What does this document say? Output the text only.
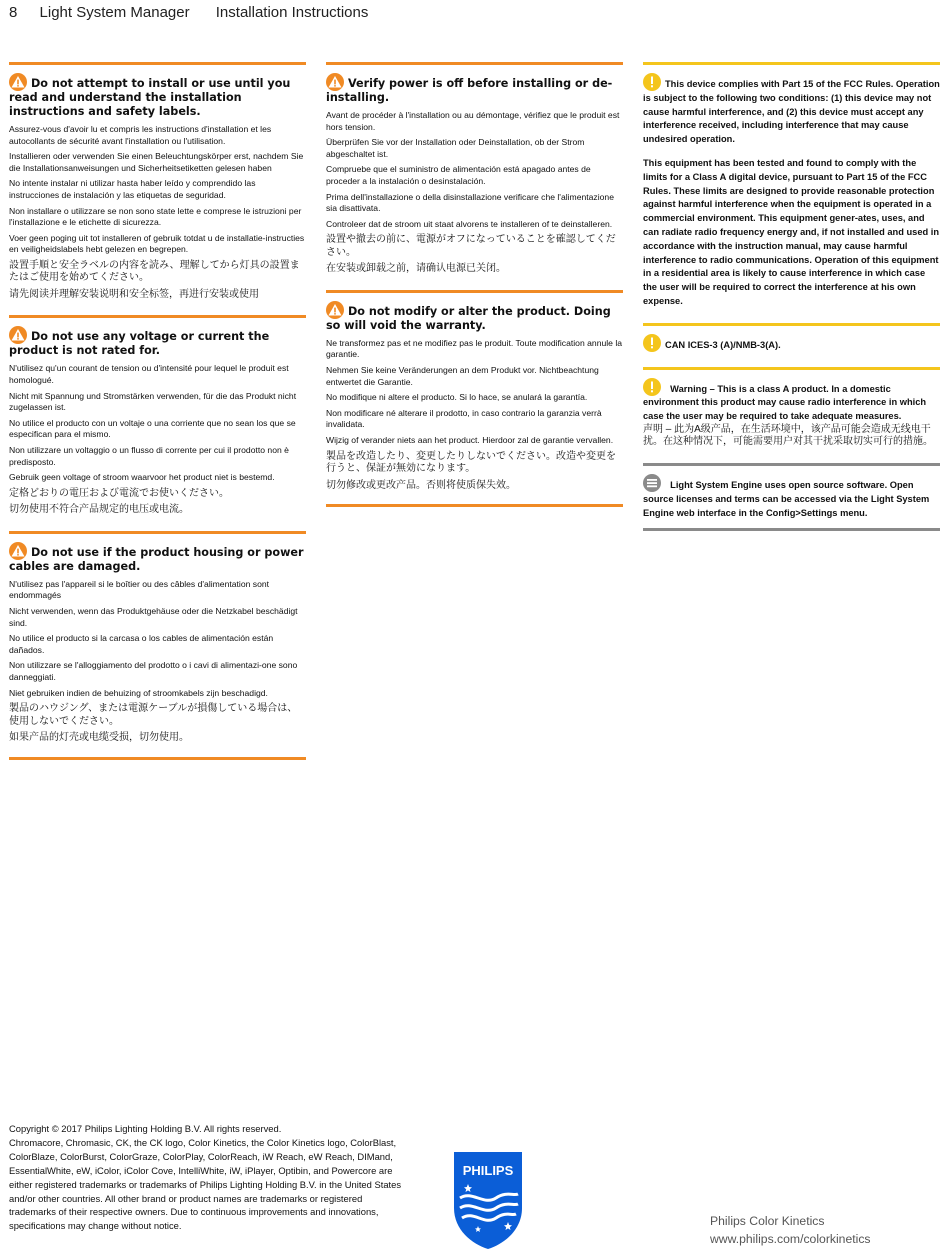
8 Light System Manager Installation Instructions
Do not attempt to install or use until you read and understand the installation instructions and safety labels.
Assurez-vous d'avoir lu et compris les instructions d'installation et les autocollants de sécurité avant l'installation ou l'utilisation.
Installieren oder verwenden Sie einen Beleuchtungskörper erst, nachdem Sie die Installationsanweisungen und Sicherheitsetiketten gelesen haben
No intente instalar ni utilizar hasta haber leído y comprendido las instrucciones de instalación y las etiquetas de seguridad.
Non installare o utilizzare se non sono state lette e comprese le istruzioni per l'installazione e le etichette di sicurezza.
Voer geen poging uit tot installeren of gebruik totdat u de installatie-instructies en veiligheidslabels hebt gelezen en begrepen.
設置手順と安全ラベルの内容を読み、理解してから灯具の設置またはご使用を始めてください。
请先阅读并理解安装说明和安全标签，再进行安装或使用
Do not use any voltage or current the product is not rated for.
N'utilisez qu'un courant de tension ou d'intensité pour lequel le produit est homologué.
Nicht mit Spannung und Stromstärken verwenden, für die das Produkt nicht zugelassen ist.
No utilice el producto con un voltaje o una corriente que no sean los que se especifican para el mismo.
Non utilizzare un voltaggio o un flusso di corrente per cui il prodotto non è predisposto.
Gebruik geen voltage of stroom waarvoor het product niet is bestemd.
定格どおりの電圧および電流でお使いください。
切勿使用不符合产品规定的电压或电流。
Do not use if the product housing or power cables are damaged.
N'utilisez pas l'appareil si le boîtier ou des câbles d'alimentation sont endommagés
Nicht verwenden, wenn das Produktgehäuse oder die Netzkabel beschädigt sind.
No utilice el producto si la carcasa o los cables de alimentación están dañados.
Non utilizzare se l'alloggiamento del prodotto o i cavi di alimentazi-one sono danneggiati.
Niet gebruiken indien de behuizing of stroomkabels zijn beschadigd.
製品のハウジング、または電源ケーブルが損傷している場合は、使用しないでください。
如果产品的灯壳或电缆受损，切勿使用。
Verify power is off before installing or de-installing.
Avant de procéder à l'installation ou au démontage, vérifiez que le produit est hors tension.
Überprüfen Sie vor der Installation oder Deinstallation, ob der Strom abgeschaltet ist.
Compruebe que el suministro de alimentación está apagado antes de proceder a la instalación o desinstalación.
Prima dell'installazione o della disinstallazione verificare che l'alimentazione sia disattivata.
Controleer dat de stroom uit staat alvorens te installeren of te deinstalleren.
設置や撤去の前に、電源がオフになっていることを確認してください。
在安装或卸载之前，请确认电源已关闭。
Do not modify or alter the product. Doing so will void the warranty.
Ne transformez pas et ne modifiez pas le produit. Toute modification annule la garantie.
Nehmen Sie keine Veränderungen an dem Produkt vor. Nichtbeachtung entwertet die Garantie.
No modifique ni altere el producto. Si lo hace, se anulará la garantía.
Non modificare né alterare il prodotto, in caso contrario la garanzia verrà invalidata.
Wijzig of verander niets aan het product. Hierdoor zal de garantie vervallen.
製品を改造したり、変更したりしないでください。改造や変更を行うと、保証が無効になります。
切勿修改或更改产品。否则将使质保失效。
This device complies with Part 15 of the FCC Rules. Operation is subject to the following two conditions: (1) this device may not cause harmful interference, and (2) this device must accept any interference received, including interference that may cause undesired operation.
This equipment has been tested and found to comply with the limits for a Class A digital device, pursuant to Part 15 of the FCC Rules. These limits are designed to provide reasonable protection against harmful interference when the equipment is operated in a commercial environment. This equipment gener-ates, uses, and can radiate radio frequency energy and, if not installed and used in accordance with the instruction manual, may cause harmful interference to radio communications. Operation of this equipment in a residential area is likely to cause interference in which case the user will be required to correct the interference at his own expense.
CAN ICES-3 (A)/NMB-3(A).
Warning – This is a class A product. In a domestic environment this product may cause radio interference in which case the user may be required to take adequate measures.
声明 – 此为A级产品，在生活环境中，该产品可能会造成无线电干扰。在这种情况下，可能需要用户对其干扰采取切实可行的措施。
Light System Engine uses open source software. Open source licenses and terms can be accessed via the Light System Engine web interface in the Config>Settings menu.
Copyright © 2017 Philips Lighting Holding B.V. All rights reserved.
Chromacore, Chromasic, CK, the CK logo, Color Kinetics, the Color Kinetics logo, ColorBlast, ColorBlaze, ColorBurst, ColorGraze, ColorPlay, ColorReach, iW Reach, eW Reach, DIMand, EssentialWhite, eW, iColor, iColor Cove, IntelliWhite, iW, iPlayer, Optibin, and Powercore are either registered trademarks or trademarks of Philips Lighting Holding B.V. in the United States and/or other countries. All other brand or product names are trademarks or registered trademarks of their respective owners. Due to continuous improvements and innovations, specifications may change without notice.
PHILIPS
Philips Color Kinetics
www.philips.com/colorkinetics
